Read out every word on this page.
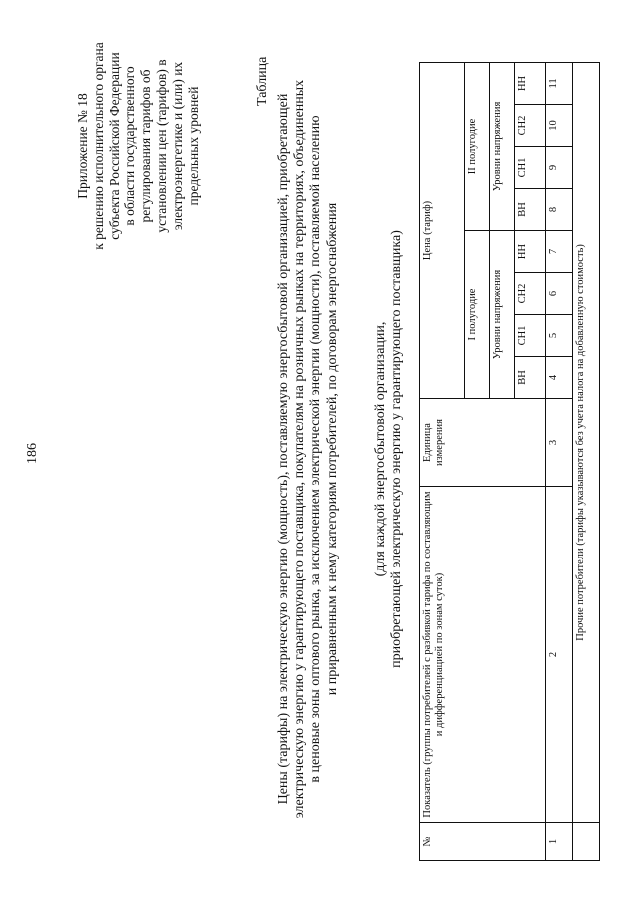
186
Приложение № 18 к решению исполнительного органа субъекта Российской Федерации в области государственного регулирования тарифов об установлении цен (тарифов) в электроэнергетике и (или) их предельных уровней
Таблица
Цены (тарифы) на электрическую энергию (мощность), поставляемую энергосбытовой организацией, приобретающей электрическую энергию у гарантирующего поставщика, покупателям на розничных рынках на территориях, объединенных в ценовые зоны оптового рынка, за исключением электрической энергии (мощности), поставляемой населению и приравненным к нему категориям потребителей, по договорам энергоснабжения (для каждой энергосбытовой организации, приобретающей электрическую энергию у гарантирующего поставщика)
№	Показатель (группы потребителей с разбивкой тарифа по составляющим и дифференциацией по зонам суток)	Единица измерения	Цена (тариф)							
			I полугодие				II полугодие			
			Уровни напряжения				Уровни напряжения			
			ВН	СН1	СН2	НН	ВН	СН1	СН2	НН
1	2	3	4	5	6	7	8	9	10	11
	Прочие потребители (тарифы указываются без учета налога на добавленную стоимость)									
